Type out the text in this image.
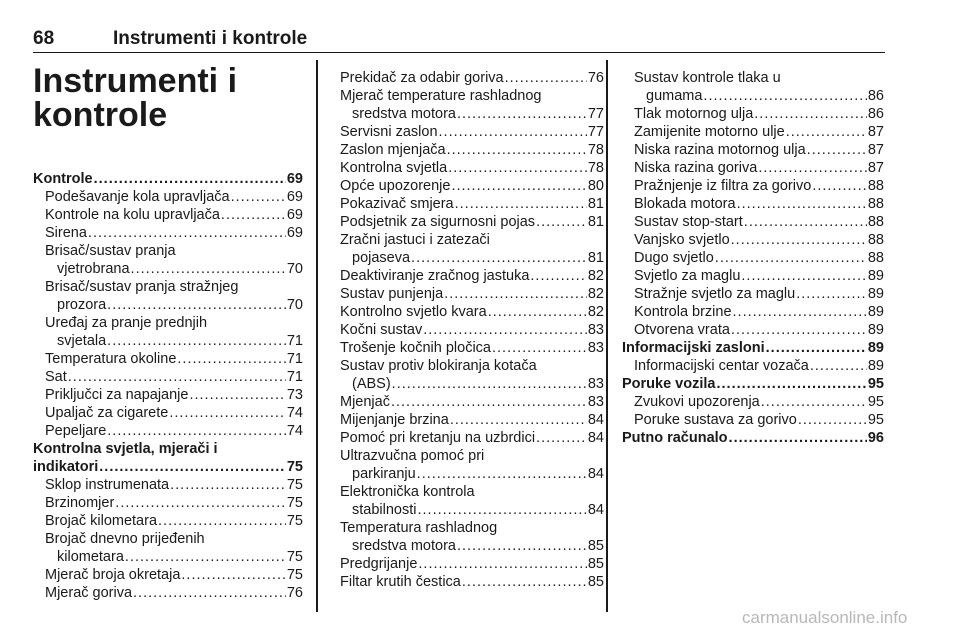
68	Instrumenti i kontrole
Instrumenti i kontrole
Kontrole .....	69
Podešavanje kola upravljača .....	69
Kontrole na kolu upravljača .....	69
Sirena .....	69
Brisač/sustav pranja
vjetrobrana .....	70
Brisač/sustav pranja stražnjeg
prozora .....	70
Uređaj za pranje prednjih
svjetala .....	71
Temperatura okoline .....	71
Sat .....	71
Priključci za napajanje .....	73
Upaljač za cigarete .....	74
Pepeljare .....	74
Kontrolna svjetla, mjerači i
indikatori .....	75
Sklop instrumenata .....	75
Brzinomjer .....	75
Brojač kilometara .....	75
Brojač dnevno prijeđenih
kilometara .....	75
Mjerač broja okretaja .....	75
Mjerač goriva .....	76
Prekidač za odabir goriva .....	76
Mjerač temperature rashladnog
sredstva motora .....	77
Servisni zaslon .....	77
Zaslon mjenjača .....	78
Kontrolna svjetla .....	78
Opće upozorenje .....	80
Pokazivač smjera .....	81
Podsjetnik za sigurnosni pojas .....	81
Zračni jastuci i zatezači
pojaseva .....	81
Deaktiviranje zračnog jastuka .....	82
Sustav punjenja .....	82
Kontrolno svjetlo kvara .....	82
Kočni sustav .....	83
Trošenje kočnih pločica .....	83
Sustav protiv blokiranja kotača
(ABS) .....	83
Mjenjač .....	83
Mijenjanje brzina .....	84
Pomoć pri kretanju na uzbrdici .....	84
Ultrazvučna pomoć pri
parkiranju .....	84
Elektronička kontrola
stabilnosti .....	84
Temperatura rashladnog
sredstva motora .....	85
Predgrijanje .....	85
Filtar krutih čestica .....	85
Sustav kontrole tlaka u
gumama .....	86
Tlak motornog ulja .....	86
Zamijenite motorno ulje .....	87
Niska razina motornog ulja .....	87
Niska razina goriva .....	87
Pražnjenje iz filtra za gorivo .....	88
Blokada motora .....	88
Sustav stop-start .....	88
Vanjsko svjetlo .....	88
Dugo svjetlo .....	88
Svjetlo za maglu .....	89
Stražnje svjetlo za maglu .....	89
Kontrola brzine .....	89
Otvorena vrata .....	89
Informacijski zasloni .....	89
Informacijski centar vozača .....	89
Poruke vozila .....	95
Zvukovi upozorenja .....	95
Poruke sustava za gorivo .....	95
Putno računalo .....	96
carmanualsonline.info
